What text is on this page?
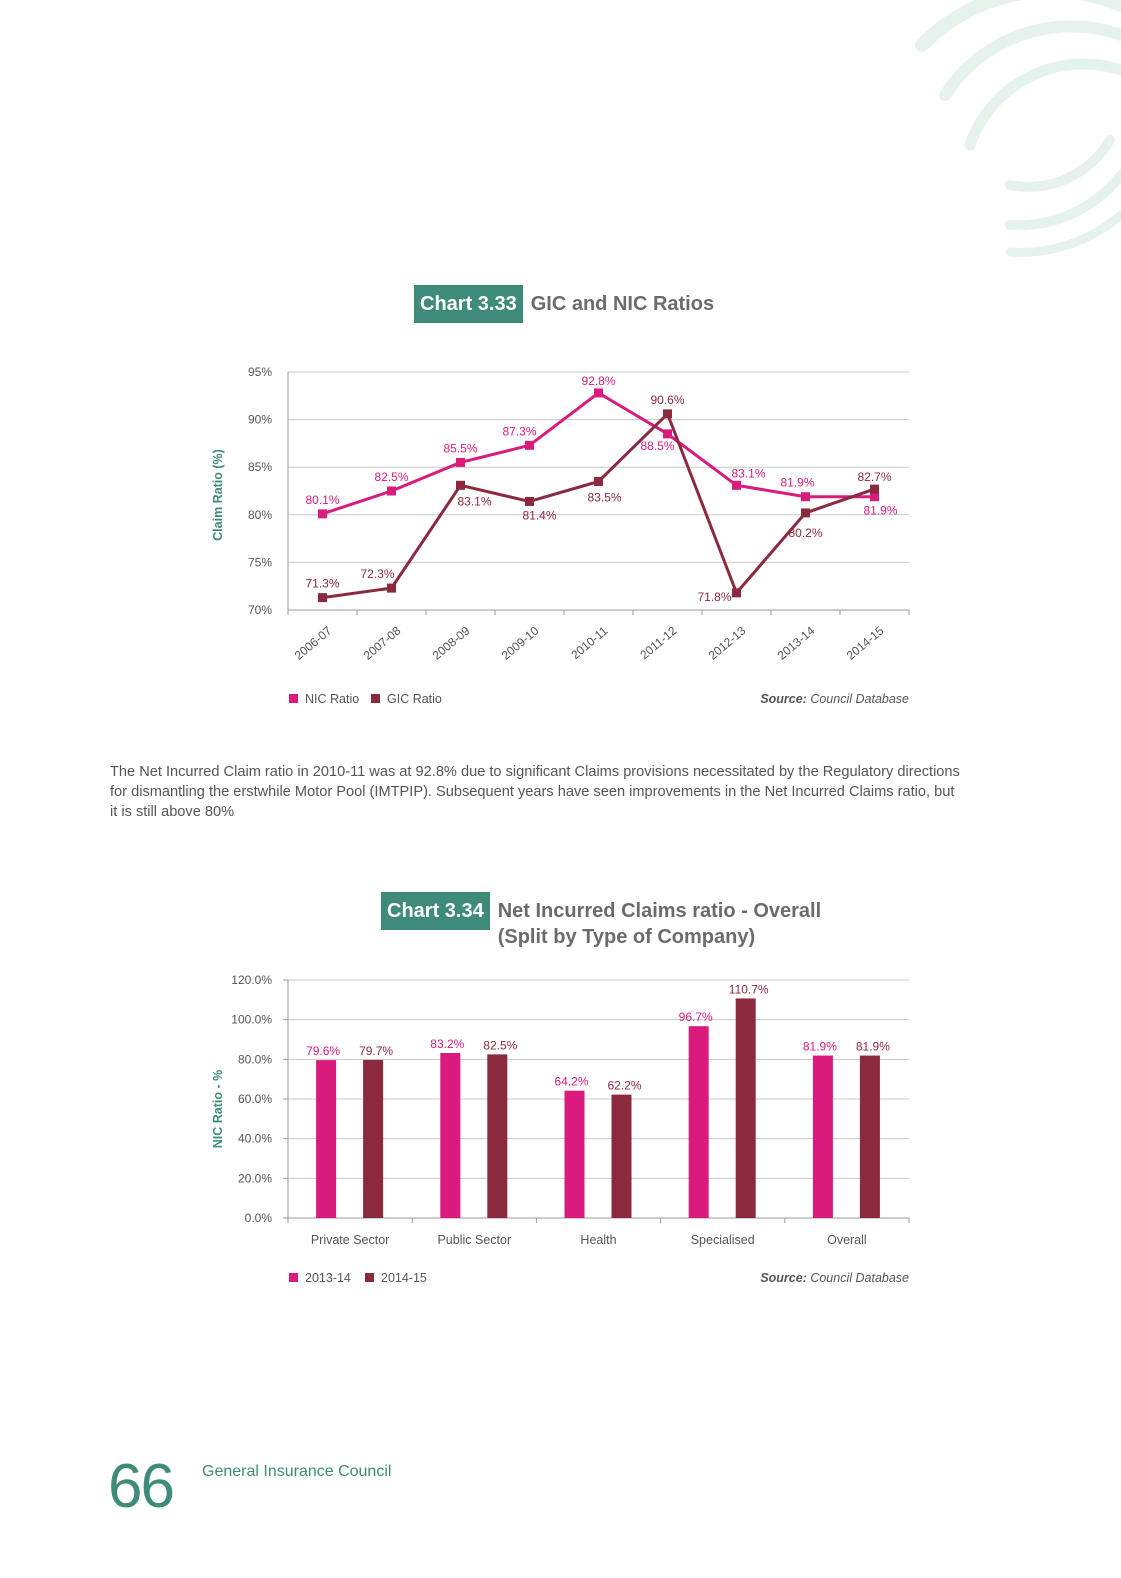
Chart 3.33 GIC and NIC Ratios
70%
75%
80%
85%
90%
95%
2006-07 2007-08 2008-09 2009-10 2010-11 2011-12 2012-13 2013-14 2014-15
Claim Ratio (%)	80.1%
82.5%
85.5%
87.3%
92.8%
88.5%
83.1%
81.9%
81.9%
71.3%
72.3%
83.1%
81.4%
83.5%
90.6%
71.8%
80.2%
82.7%
NIC Ratio GIC Ratio	Source: Council Database
The Net Incurred Claim ratio in 2010-11 was at 92.8% due to significant Claims provisions necessitated by the Regulatory directions
for dismantling the erstwhile Motor Pool (IMTPIP). Subsequent years have seen improvements in the Net Incurred Claims ratio, but
it is still above 80%
Chart 3.34 Net Incurred Claims ratio - Overall
(Split by Type of Company)
0.0%
20.0%
40.0%
60.0%
80.0%
100.0%
120.0%
NIC Ratio - %
Private Sector
79.6% 79.7%
Public Sector
83.2% 82.5%
Health
64.2% 62.2%
Specialised
96.7%
110.7%
Overall
81.9% 81.9%
2013-14 2014-15	Source: Council Database
66 General Insurance Council
